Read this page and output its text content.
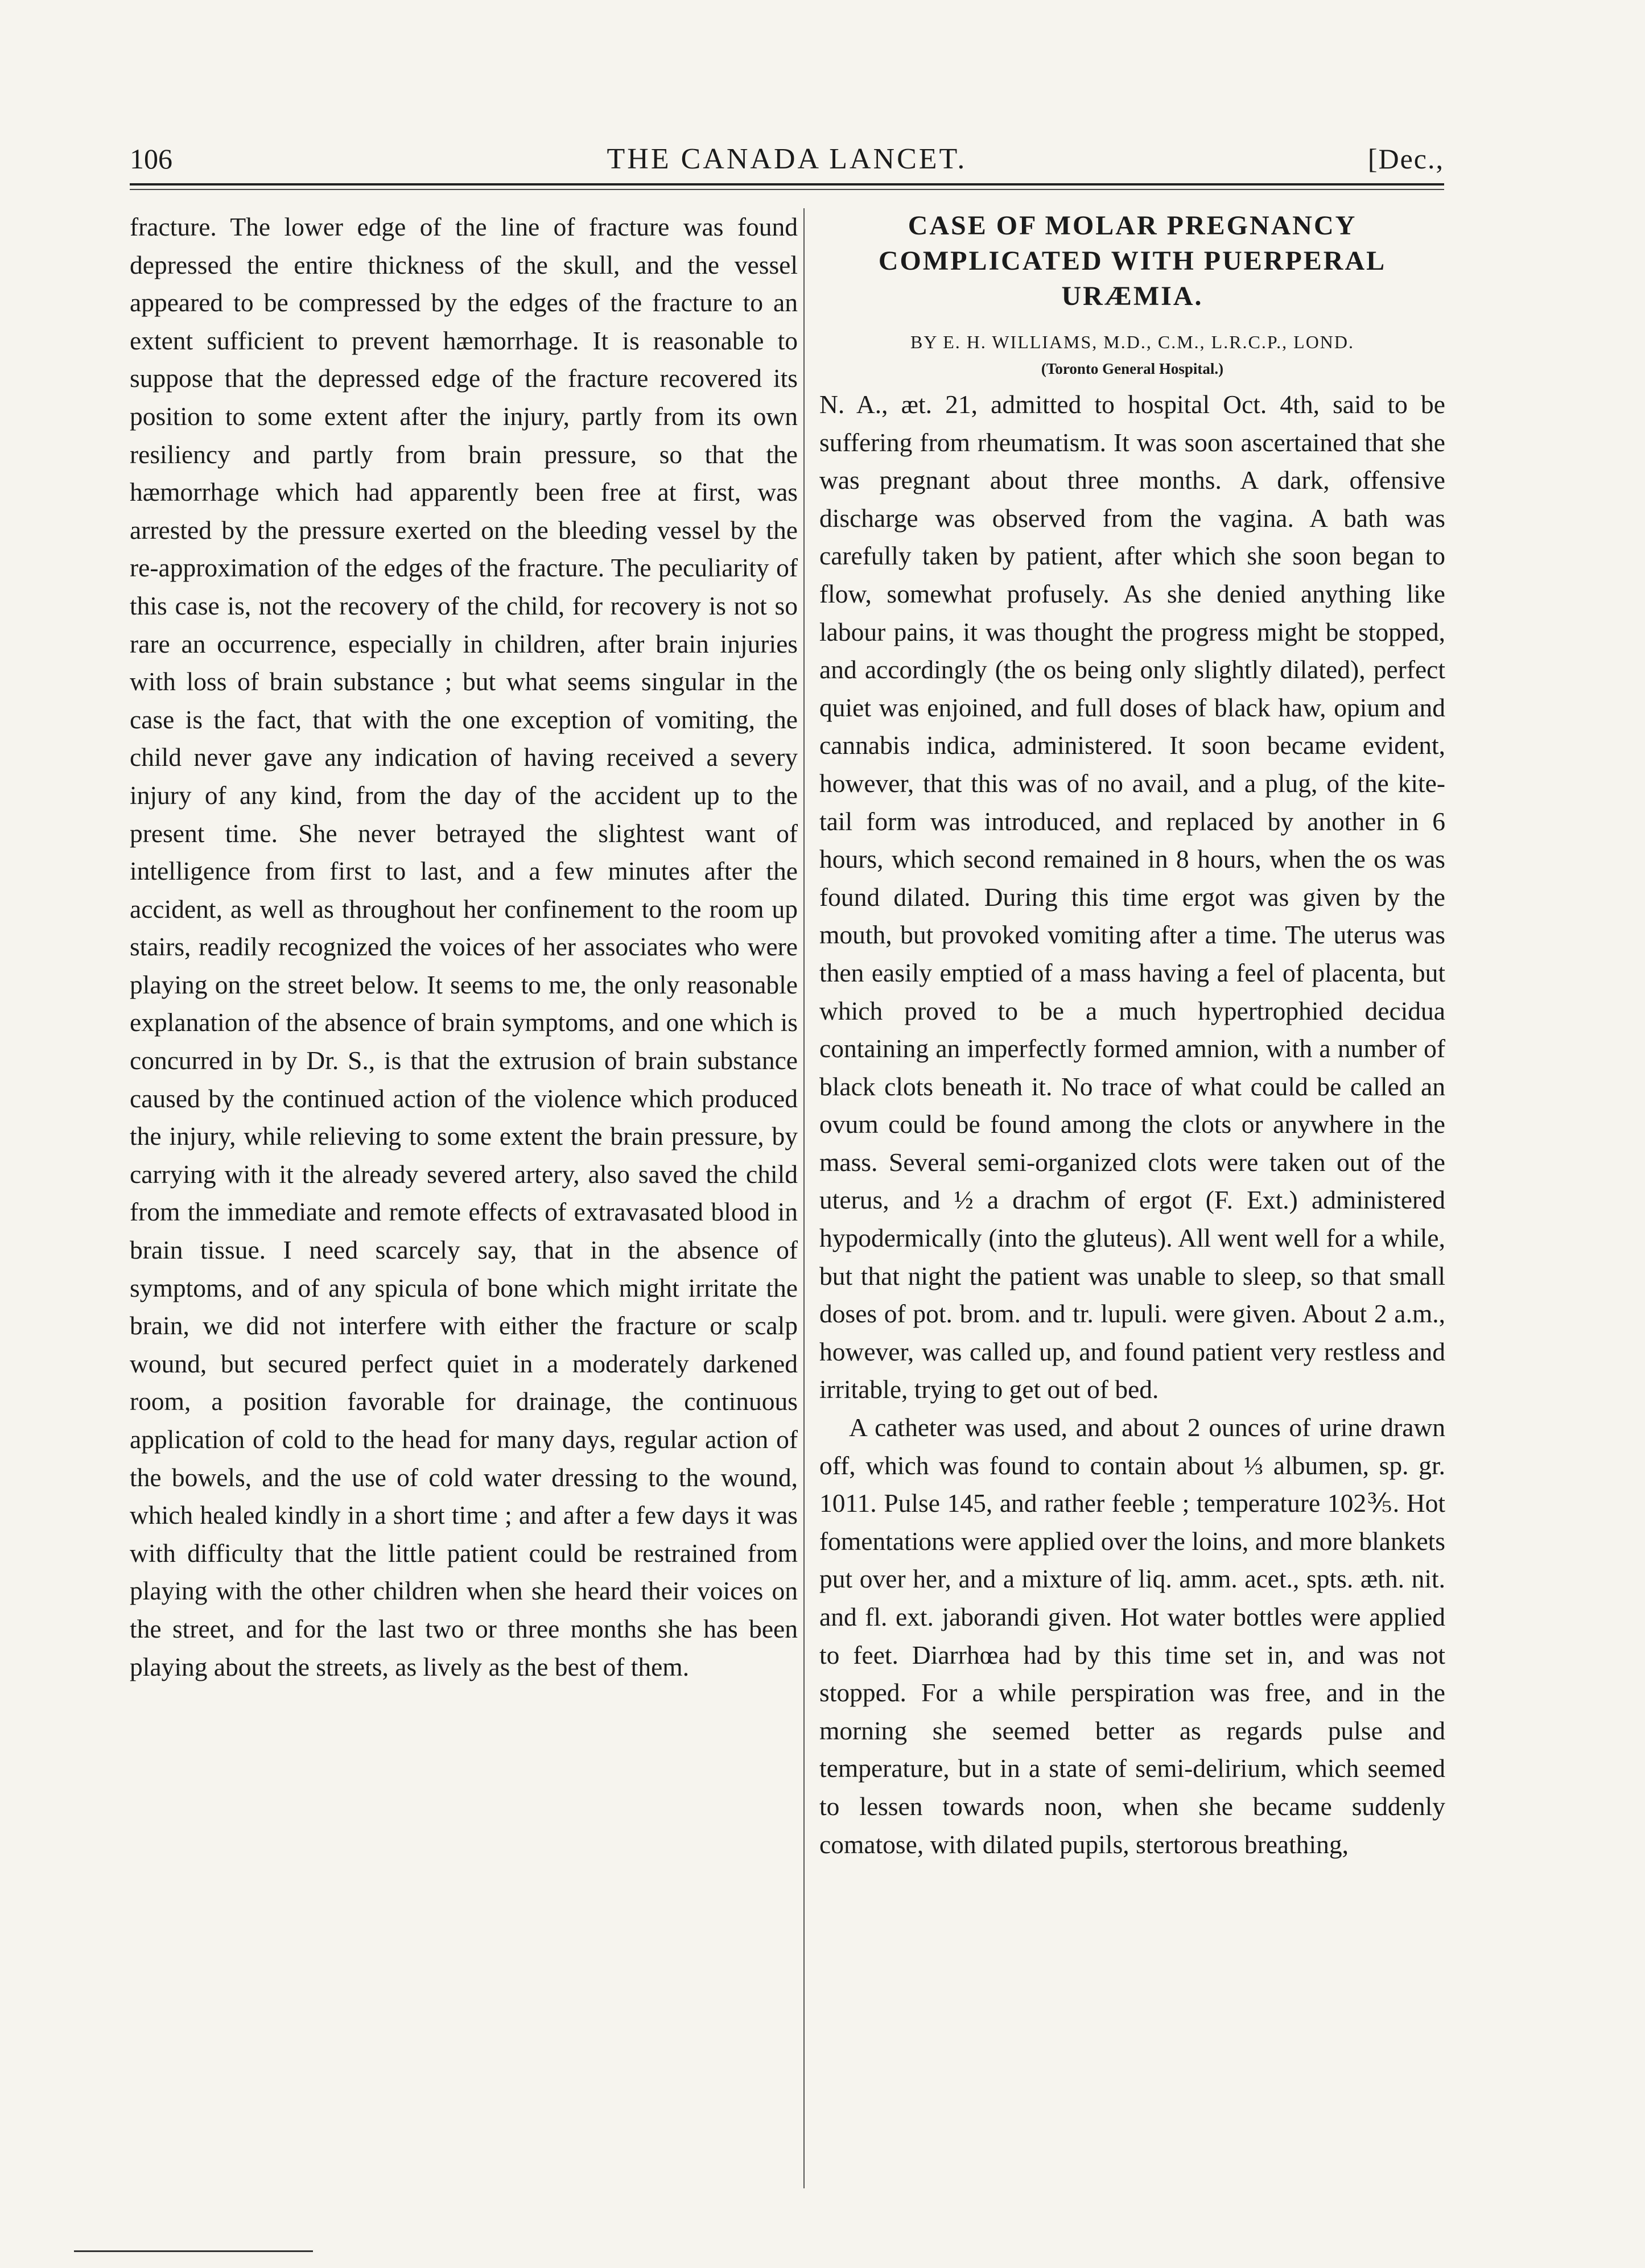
106	THE CANADA LANCET.	[Dec.,

fracture. The lower edge of the line of fracture was found depressed the entire thickness of the skull, and the vessel appeared to be compressed by the edges of the fracture to an extent sufficient to prevent hæmorrhage. It is reasonable to suppose that the depressed edge of the fracture recovered its position to some extent after the injury, partly from its own resiliency and partly from brain pressure, so that the hæmorrhage which had apparently been free at first, was arrested by the pressure exerted on the bleeding vessel by the re-approximation of the edges of the fracture. The peculiarity of this case is, not the recovery of the child, for recovery is not so rare an occurrence, especially in children, after brain injuries with loss of brain substance ; but what seems singular in the case is the fact, that with the one exception of vomiting, the child never gave any indication of having received a severy injury of any kind, from the day of the accident up to the present time. She never betrayed the slightest want of intelligence from first to last, and a few minutes after the accident, as well as throughout her confinement to the room up stairs, readily recognized the voices of her associates who were playing on the street below. It seems to me, the only reasonable explanation of the absence of brain symptoms, and one which is concurred in by Dr. S., is that the extrusion of brain substance caused by the continued action of the violence which produced the injury, while relieving to some extent the brain pressure, by carrying with it the already severed artery, also saved the child from the immediate and remote effects of extravasated blood in brain tissue. I need scarcely say, that in the absence of symptoms, and of any spicula of bone which might irritate the brain, we did not interfere with either the fracture or scalp wound, but secured perfect quiet in a moderately darkened room, a position favorable for drainage, the continuous application of cold to the head for many days, regular action of the bowels, and the use of cold water dressing to the wound, which healed kindly in a short time ; and after a few days it was with difficulty that the little patient could be restrained from playing with the other children when she heard their voices on the street, and for the last two or three months she has been playing about the streets, as lively as the best of them.

CASE OF MOLAR PREGNANCY COMPLICATED WITH PUERPERAL URÆMIA.

BY E. H. WILLIAMS, M.D., C.M., L.R.C.P., LOND.

(Toronto General Hospital.)

N. A., æt. 21, admitted to hospital Oct. 4th, said to be suffering from rheumatism. It was soon ascertained that she was pregnant about three months. A dark, offensive discharge was observed from the vagina. A bath was carefully taken by patient, after which she soon began to flow, somewhat profusely. As she denied anything like labour pains, it was thought the progress might be stopped, and accordingly (the os being only slightly dilated), perfect quiet was enjoined, and full doses of black haw, opium and cannabis indica, administered. It soon became evident, however, that this was of no avail, and a plug, of the kite-tail form was introduced, and replaced by another in 6 hours, which second remained in 8 hours, when the os was found dilated. During this time ergot was given by the mouth, but provoked vomiting after a time. The uterus was then easily emptied of a mass having a feel of placenta, but which proved to be a much hypertrophied decidua containing an imperfectly formed amnion, with a number of black clots beneath it. No trace of what could be called an ovum could be found among the clots or anywhere in the mass. Several semi-organized clots were taken out of the uterus, and ½ a drachm of ergot (F. Ext.) administered hypodermically (into the gluteus). All went well for a while, but that night the patient was unable to sleep, so that small doses of pot. brom. and tr. lupuli. were given. About 2 a.m., however, was called up, and found patient very restless and irritable, trying to get out of bed.

A catheter was used, and about 2 ounces of urine drawn off, which was found to contain about ⅓ albumen, sp. gr. 1011. Pulse 145, and rather feeble ; temperature 102⅗. Hot fomentations were applied over the loins, and more blankets put over her, and a mixture of liq. amm. acet., spts. æth. nit. and fl. ext. jaborandi given. Hot water bottles were applied to feet. Diarrhœa had by this time set in, and was not stopped. For a while perspiration was free, and in the morning she seemed better as regards pulse and temperature, but in a state of semi-delirium, which seemed to lessen towards noon, when she became suddenly comatose, with dilated pupils, stertorous breathing,
